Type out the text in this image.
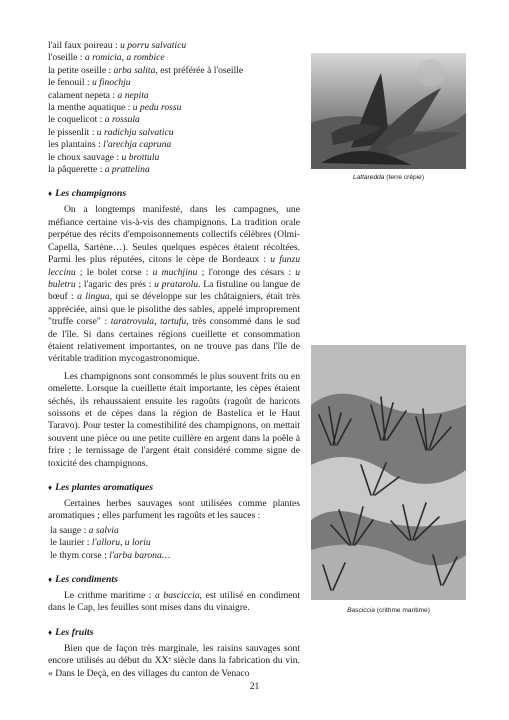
l'ail faux poireau : u porru salvaticu
l'oseille : a romicia, a rombice
la petite oseille : arba salita, est préférée à l'oseille
le fenouil : u finochju
calament nepeta : a nepita
la menthe aquatique : u pedu rossu
le coquelicot : a rossula
le pissenlit : u radichju salvaticu
les plantains : l'arechja capruna
le choux sauvage : u brottulu
la pâquerette : a prattelina
♦ Les champignons

On a longtemps manifesté, dans les campagnes, une méfiance certaine vis-à-vis des champignons. La tradition orale perpétue des récits d'empoisonnements collectifs célèbres (Olmi-Capella, Sartène…). Seules quelques espèces étaient récoltées. Parmi les plus réputées, citons le cèpe de Bordeaux : u funzu leccinu ; le bolet corse : u muchjinu ; l'oronge des césars : u buletru ; l'agaric des prés : u pratarolu. La fistuline ou langue de bœuf : a lingua, qui se développe sur les châtaigniers, était très appréciée, ainsi que le pisolithe des sables, appelé improprement "truffe corse" : taratrovula, tartufu, très consommé dans le sud de l'île. Si dans certaines régions cueillette et consommation étaient relativement importantes, on ne trouve pas dans l'île de véritable tradition mycogastronomique.

Les champignons sont consommés le plus souvent frits ou en omelette. Lorsque la cueillette était importante, les cèpes étaient séchés, ils rehaussaient ensuite les ragoûts (ragoût de haricots soissons et de cèpes dans la région de Bastelica et le Haut Taravo). Pour tester la comestibilité des champignons, on mettait souvent une pièce ou une petite cuillère en argent dans la poêle à frire ; le ternissage de l'argent était considéré comme signe de toxicité des champignons.

♦ Les plantes aromatiques

Certaines herbes sauvages sont utilisées comme plantes aromatiques ; elles parfument les ragoûts et les sauces :

la sauge : a salvia
le laurier : l'alloru, u loriu
le thym corse : l'arba barona…
♦ Les condiments

Le crithme maritime : a basciccia, est utilisé en condiment dans le Cap, les feuilles sont mises dans du vinaigre.

♦ Les fruits

Bien que de façon très marginale, les raisins sauvages sont encore utilisés au début du XXᵉ siècle dans la fabrication du vin. « Dans le Deçà, en des villages du canton de Venaco

Lattaredda (terre crépie)
Basciccia (crithme maritime)
21
